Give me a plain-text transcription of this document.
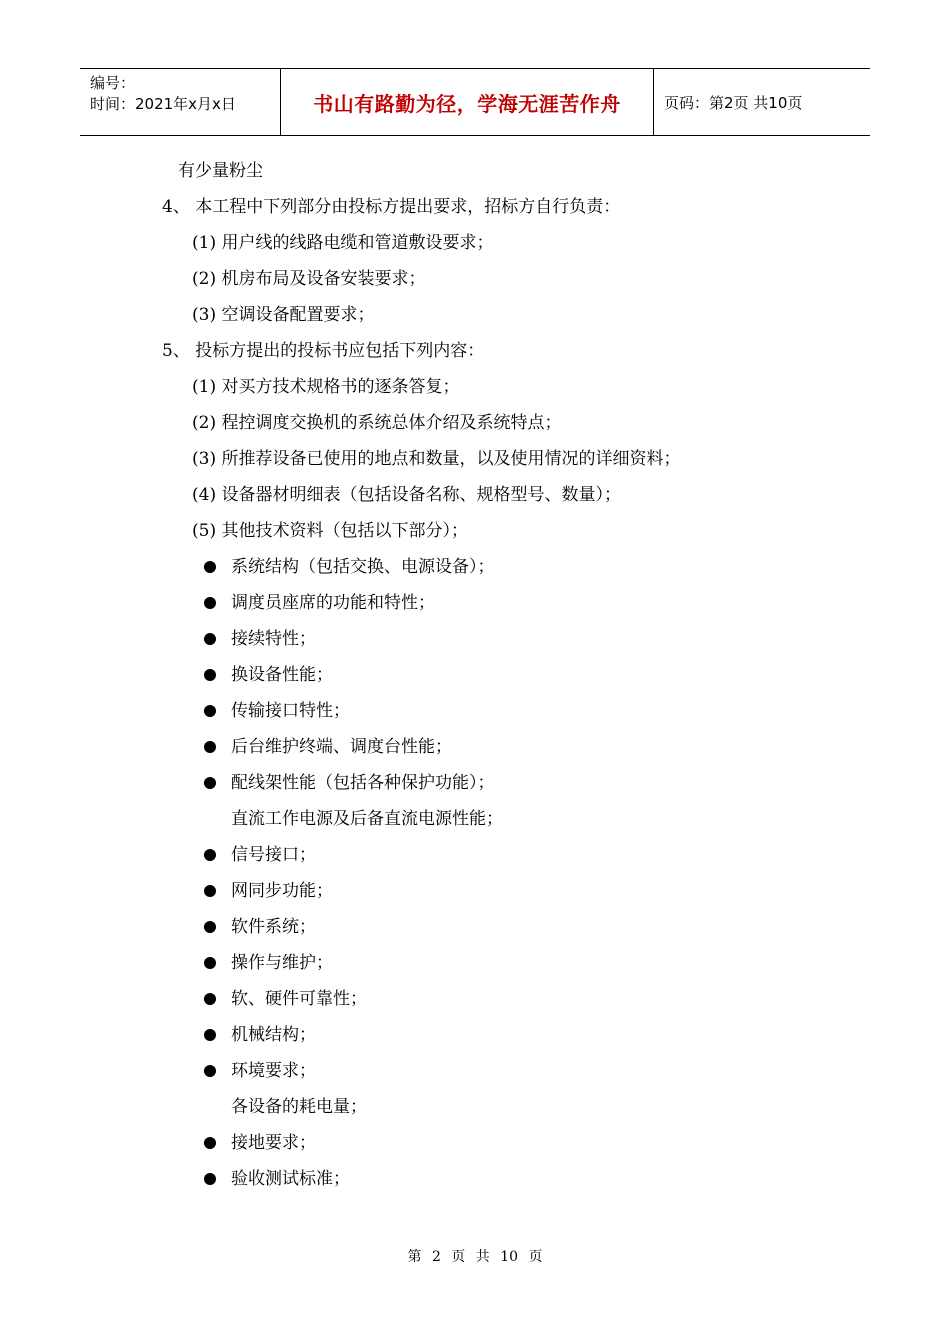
编号：
时间：2021年x月x日	书山有路勤为径，学海无涯苦作舟	页码：第2页 共10页
有少量粉尘
4、 本工程中下列部分由投标方提出要求，招标方自行负责：
(1) 用户线的线路电缆和管道敷设要求；
(2) 机房布局及设备安装要求；
(3) 空调设备配置要求；
5、 投标方提出的投标书应包括下列内容：
(1) 对买方技术规格书的逐条答复；
(2) 程控调度交换机的系统总体介绍及系统特点；
(3) 所推荐设备已使用的地点和数量，以及使用情况的详细资料；
(4) 设备器材明细表（包括设备名称、规格型号、数量）；
(5) 其他技术资料（包括以下部分）；
系统结构（包括交换、电源设备）；
调度员座席的功能和特性；
接续特性；
换设备性能；
传输接口特性；
后台维护终端、调度台性能；
配线架性能（包括各种保护功能）；
直流工作电源及后备直流电源性能；
信号接口；
网同步功能；
软件系统；
操作与维护；
软、硬件可靠性；
机械结构；
环境要求；
各设备的耗电量；
接地要求；
验收测试标准；
第 2 页 共 10 页
